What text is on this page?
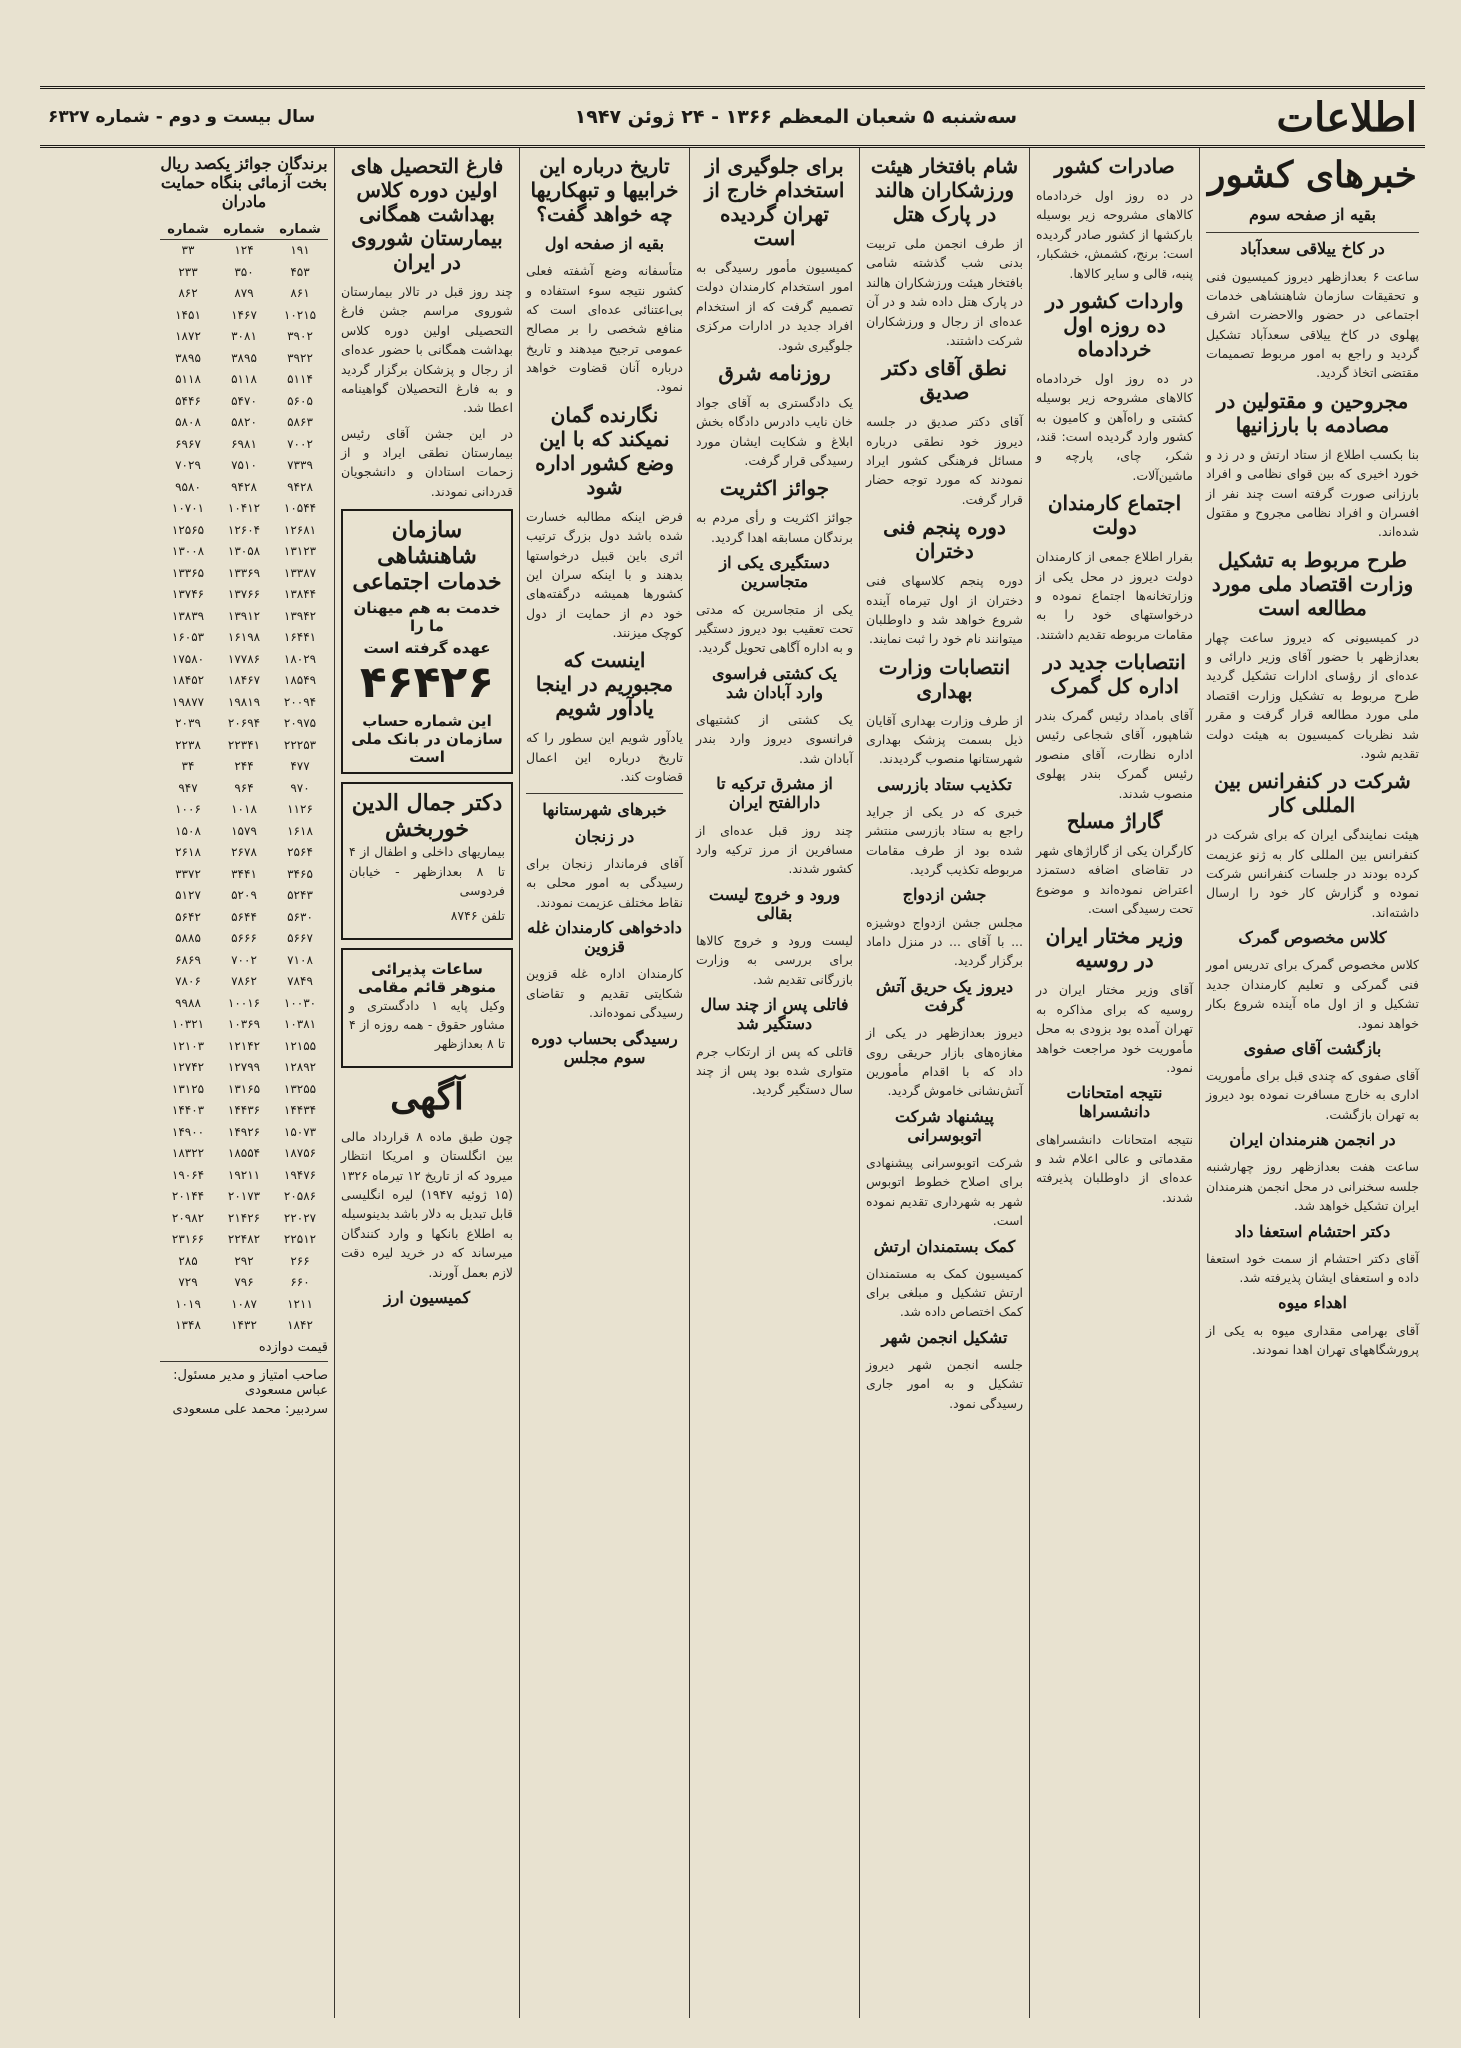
اطلاعات
سه‌شنبه ۵ شعبان المعظم ۱۳۶۶ - ۲۴ ژوئن ۱۹۴۷
سال بیست و دوم - شماره ۶۳۲۷
خبرهای کشور
بقیه از صفحه سوم
در کاخ ییلاقی سعدآباد

ساعت ۶ بعدازظهر دیروز کمیسیون فنی و تحقیقات سازمان شاهنشاهی خدمات اجتماعی در حضور والاحضرت اشرف پهلوی در کاخ ییلاقی سعدآباد تشکیل گردید و راجع به امور مربوط تصمیمات مقتضی اتخاذ گردید.

مجروحین و مقتولین در مصادمه با بارزانیها

بنا بکسب اطلاع از ستاد ارتش و در زد و خورد اخیری که بین قوای نظامی و افراد بارزانی صورت گرفته است چند نفر از افسران و افراد نظامی مجروح و مقتول شده‌اند.

طرح مربوط به تشکیل وزارت اقتصاد ملی مورد مطالعه است

در کمیسیونی که دیروز ساعت چهار بعدازظهر با حضور آقای وزیر دارائی و عده‌ای از رؤسای ادارات تشکیل گردید طرح مربوط به تشکیل وزارت اقتصاد ملی مورد مطالعه قرار گرفت و مقرر شد نظریات کمیسیون به هیئت دولت تقدیم شود.

شرکت در کنفرانس بین المللی کار

هیئت نمایندگی ایران که برای شرکت در کنفرانس بین المللی کار به ژنو عزیمت کرده بودند در جلسات کنفرانس شرکت نموده و گزارش کار خود را ارسال داشته‌اند.

کلاس مخصوص گمرک

کلاس مخصوص گمرک برای تدریس امور فنی گمرکی و تعلیم کارمندان جدید تشکیل و از اول ماه آینده شروع بکار خواهد نمود.

بازگشت آقای صفوی

آقای صفوی که چندی قبل برای مأموریت اداری به خارج مسافرت نموده بود دیروز به تهران بازگشت.

در انجمن هنرمندان ایران

ساعت هفت بعدازظهر روز چهارشنبه جلسه سخنرانی در محل انجمن هنرمندان ایران تشکیل خواهد شد.

دکتر احتشام استعفا داد

آقای دکتر احتشام از سمت خود استعفا داده و استعفای ایشان پذیرفته شد.

اهداء میوه

آقای بهرامی مقداری میوه به یکی از پرورشگاههای تهران اهدا نمودند.

صادرات کشور

در ده روز اول خردادماه کالاهای مشروحه زیر بوسیله بارکشها از کشور صادر گردیده است: برنج، کشمش، خشکبار، پنبه، قالی و سایر کالاها.

واردات کشور در ده روزه اول خردادماه

در ده روز اول خردادماه کالاهای مشروحه زیر بوسیله کشتی و راه‌آهن و کامیون به کشور وارد گردیده است: قند، شکر، چای، پارچه و ماشین‌آلات.

اجتماع کارمندان دولت

بقرار اطلاع جمعی از کارمندان دولت دیروز در محل یکی از وزارتخانه‌ها اجتماع نموده و درخواستهای خود را به مقامات مربوطه تقدیم داشتند.

انتصابات جدید در اداره کل گمرک

آقای بامداد رئیس گمرک بندر شاهپور، آقای شجاعی رئیس اداره نظارت، آقای منصور رئیس گمرک بندر پهلوی منصوب شدند.

گاراژ مسلح

کارگران یکی از گاراژهای شهر در تقاضای اضافه دستمزد اعتراض نموده‌اند و موضوع تحت رسیدگی است.

وزیر مختار ایران در روسیه

آقای وزیر مختار ایران در روسیه که برای مذاکره به تهران آمده بود بزودی به محل مأموریت خود مراجعت خواهد نمود.

نتیجه امتحانات دانشسراها

نتیجه امتحانات دانشسراهای مقدماتی و عالی اعلام شد و عده‌ای از داوطلبان پذیرفته شدند.

شام بافتخار هیئت ورزشکاران هالند در پارک هتل

از طرف انجمن ملی تربیت بدنی شب گذشته شامی بافتخار هیئت ورزشکاران هالند در پارک هتل داده شد و در آن عده‌ای از رجال و ورزشکاران شرکت داشتند.

نطق آقای دکتر صدیق

آقای دکتر صدیق در جلسه دیروز خود نطقی درباره مسائل فرهنگی کشور ایراد نمودند که مورد توجه حضار قرار گرفت.

دوره پنجم فنی دختران

دوره پنجم کلاسهای فنی دختران از اول تیرماه آینده شروع خواهد شد و داوطلبان میتوانند نام خود را ثبت نمایند.

انتصابات وزارت بهداری

از طرف وزارت بهداری آقایان ذیل بسمت پزشک بهداری شهرستانها منصوب گردیدند.

تکذیب ستاد بازرسی

خبری که در یکی از جراید راجع به ستاد بازرسی منتشر شده بود از طرف مقامات مربوطه تکذیب گردید.

جشن ازدواج

مجلس جشن ازدواج دوشیزه ... با آقای ... در منزل داماد برگزار گردید.

دیروز یک حریق آتش گرفت

دیروز بعدازظهر در یکی از مغازه‌های بازار حریقی روی داد که با اقدام مأمورین آتش‌نشانی خاموش گردید.

پیشنهاد شرکت اتوبوسرانی

شرکت اتوبوسرانی پیشنهادی برای اصلاح خطوط اتوبوس شهر به شهرداری تقدیم نموده است.

کمک بستمندان ارتش

کمیسیون کمک به مستمندان ارتش تشکیل و مبلغی برای کمک اختصاص داده شد.

تشکیل انجمن شهر

جلسه انجمن شهر دیروز تشکیل و به امور جاری رسیدگی نمود.

برای جلوگیری از استخدام خارج از تهران گردیده است

کمیسیون مأمور رسیدگی به امور استخدام کارمندان دولت تصمیم گرفت که از استخدام افراد جدید در ادارات مرکزی جلوگیری شود.

روزنامه شرق

یک دادگستری به آقای جواد خان نایب دادرس دادگاه بخش ابلاغ و شکایت ایشان مورد رسیدگی قرار گرفت.

جوائز اکثریت

جوائز اکثریت و رأی مردم به برندگان مسابقه اهدا گردید.

دستگیری یکی از متجاسرین

یکی از متجاسرین که مدتی تحت تعقیب بود دیروز دستگیر و به اداره آگاهی تحویل گردید.

یک کشتی فراسوی وارد آبادان شد

یک کشتی از کشتیهای فرانسوی دیروز وارد بندر آبادان شد.

از مشرق ترکیه تا دارالفتح ایران

چند روز قبل عده‌ای از مسافرین از مرز ترکیه وارد کشور شدند.

ورود و خروج لیست بقالی

لیست ورود و خروج کالاها برای بررسی به وزارت بازرگانی تقدیم شد.

فاتلی پس از چند سال دستگیر شد

قاتلی که پس از ارتکاب جرم متواری شده بود پس از چند سال دستگیر گردید.

تاریخ درباره این خرابیها و تبهکاریها چه خواهد گفت؟
بقیه از صفحه اول

متأسفانه وضع آشفته فعلی کشور نتیجه سوء استفاده و بی‌اعتنائی عده‌ای است که منافع شخصی را بر مصالح عمومی ترجیح میدهند و تاریخ درباره آنان قضاوت خواهد نمود.

نگارنده گمان نمیکند که با این وضع کشور اداره شود

فرض اینکه مطالبه خسارت شده باشد دول بزرگ ترتیب اثری باین قبیل درخواستها بدهند و با اینکه سران این کشورها همیشه درگفته‌های خود دم از حمایت از دول کوچک میزنند.

اینست که مجبوریم در اینجا یادآور شویم

یادآور شویم این سطور را که تاریخ درباره این اعمال قضاوت کند.

خبرهای شهرستانها
در زنجان

آقای فرماندار زنجان برای رسیدگی به امور محلی به نقاط مختلف عزیمت نمودند.

دادخواهی کارمندان غله قزوین

کارمندان اداره غله قزوین شکایتی تقدیم و تقاضای رسیدگی نموده‌اند.

رسیدگی بحساب دوره سوم مجلس
فارغ التحصیل های اولین دوره کلاس بهداشت همگانی بیمارستان شوروی در ایران

چند روز قبل در تالار بیمارستان شوروی مراسم جشن فارغ التحصیلی اولین دوره کلاس بهداشت همگانی با حضور عده‌ای از رجال و پزشکان برگزار گردید و به فارغ التحصیلان گواهینامه اعطا شد.

در این جشن آقای رئیس بیمارستان نطقی ایراد و از زحمات استادان و دانشجویان قدردانی نمودند.

سازمان شاهنشاهی خدمات اجتماعی
خدمت به هم میهنان ما را
عهده گرفته است
۴۶۴۲۶
این شماره حساب سازمان در بانک ملی است
دکتر جمال الدین خوربخش
بیماریهای داخلی و اطفال از ۴ تا ۸ بعدازظهر - خیابان فردوسی
تلفن ۸۷۴۶
ساعات پذیرائی منوهر قائم مقامی
وکیل پایه ۱ دادگستری و مشاور حقوق - همه روزه از ۴ تا ۸ بعدازظهر
آگهی

چون طبق ماده ۸ قرارداد مالی بین انگلستان و امریکا انتظار میرود که از تاریخ ۱۲ تیرماه ۱۳۲۶ (۱۵ ژوئیه ۱۹۴۷) لیره انگلیسی قابل تبدیل به دلار باشد بدینوسیله به اطلاع بانکها و وارد کنندگان میرساند که در خرید لیره دقت لازم بعمل آورند.

کمیسیون ارز
برندگان جوائز یکصد ریال بخت آزمائی بنگاه حمایت مادران
شماره	شماره	شماره
۱۹۱	۱۲۴	۳۳
۴۵۳	۳۵۰	۲۳۳
۸۶۱	۸۷۹	۸۶۲
۱۰۲۱۵	۱۴۶۷	۱۴۵۱
۳۹۰۲	۳۰۸۱	۱۸۷۲
۳۹۲۲	۳۸۹۵	۳۸۹۵
۵۱۱۴	۵۱۱۸	۵۱۱۸
۵۶۰۵	۵۴۷۰	۵۴۴۶
۵۸۶۳	۵۸۲۰	۵۸۰۸
۷۰۰۲	۶۹۸۱	۶۹۶۷
۷۳۳۹	۷۵۱۰	۷۰۲۹
۹۴۲۸	۹۴۲۸	۹۵۸۰
۱۰۵۴۴	۱۰۴۱۲	۱۰۷۰۱
۱۲۶۸۱	۱۲۶۰۴	۱۲۵۶۵
۱۳۱۲۳	۱۳۰۵۸	۱۳۰۰۸
۱۳۳۸۷	۱۳۳۶۹	۱۳۳۶۵
۱۳۸۴۴	۱۳۷۶۶	۱۳۷۴۶
۱۳۹۴۲	۱۳۹۱۲	۱۳۸۳۹
۱۶۴۴۱	۱۶۱۹۸	۱۶۰۵۳
۱۸۰۲۹	۱۷۷۸۶	۱۷۵۸۰
۱۸۵۴۹	۱۸۴۶۷	۱۸۴۵۲
۲۰۰۹۴	۱۹۸۱۹	۱۹۸۷۷
۲۰۹۷۵	۲۰۶۹۴	۲۰۳۹
۲۲۲۵۳	۲۲۳۴۱	۲۲۳۸
۴۷۷	۲۴۴	۳۴
۹۷۰	۹۶۴	۹۴۷
۱۱۲۶	۱۰۱۸	۱۰۰۶
۱۶۱۸	۱۵۷۹	۱۵۰۸
۲۵۶۴	۲۶۷۸	۲۶۱۸
۳۴۶۵	۳۴۴۱	۳۳۷۲
۵۲۴۳	۵۲۰۹	۵۱۲۷
۵۶۳۰	۵۶۴۴	۵۶۴۲
۵۶۶۷	۵۶۶۶	۵۸۸۵
۷۱۰۸	۷۰۰۲	۶۸۶۹
۷۸۴۹	۷۸۶۲	۷۸۰۶
۱۰۰۳۰	۱۰۰۱۶	۹۹۸۸
۱۰۳۸۱	۱۰۳۶۹	۱۰۳۲۱
۱۲۱۵۵	۱۲۱۴۲	۱۲۱۰۳
۱۲۸۹۲	۱۲۷۹۹	۱۲۷۴۲
۱۳۲۵۵	۱۳۱۶۵	۱۳۱۲۵
۱۴۴۳۴	۱۴۴۳۶	۱۴۴۰۳
۱۵۰۷۳	۱۴۹۲۶	۱۴۹۰۰
۱۸۷۵۶	۱۸۵۵۴	۱۸۳۲۲
۱۹۴۷۶	۱۹۲۱۱	۱۹۰۶۴
۲۰۵۸۶	۲۰۱۷۳	۲۰۱۴۴
۲۲۰۲۷	۲۱۴۲۶	۲۰۹۸۲
۲۲۵۱۲	۲۲۴۸۲	۲۳۱۶۶
۲۶۶	۲۹۲	۲۸۵
۶۶۰	۷۹۶	۷۲۹
۱۲۱۱	۱۰۸۷	۱۰۱۹
۱۸۴۲	۱۴۳۲	۱۳۴۸
قیمت دوازده
صاحب امتیاز و مدیر مسئول: عباس مسعودی
سردبیر: محمد علی مسعودی
